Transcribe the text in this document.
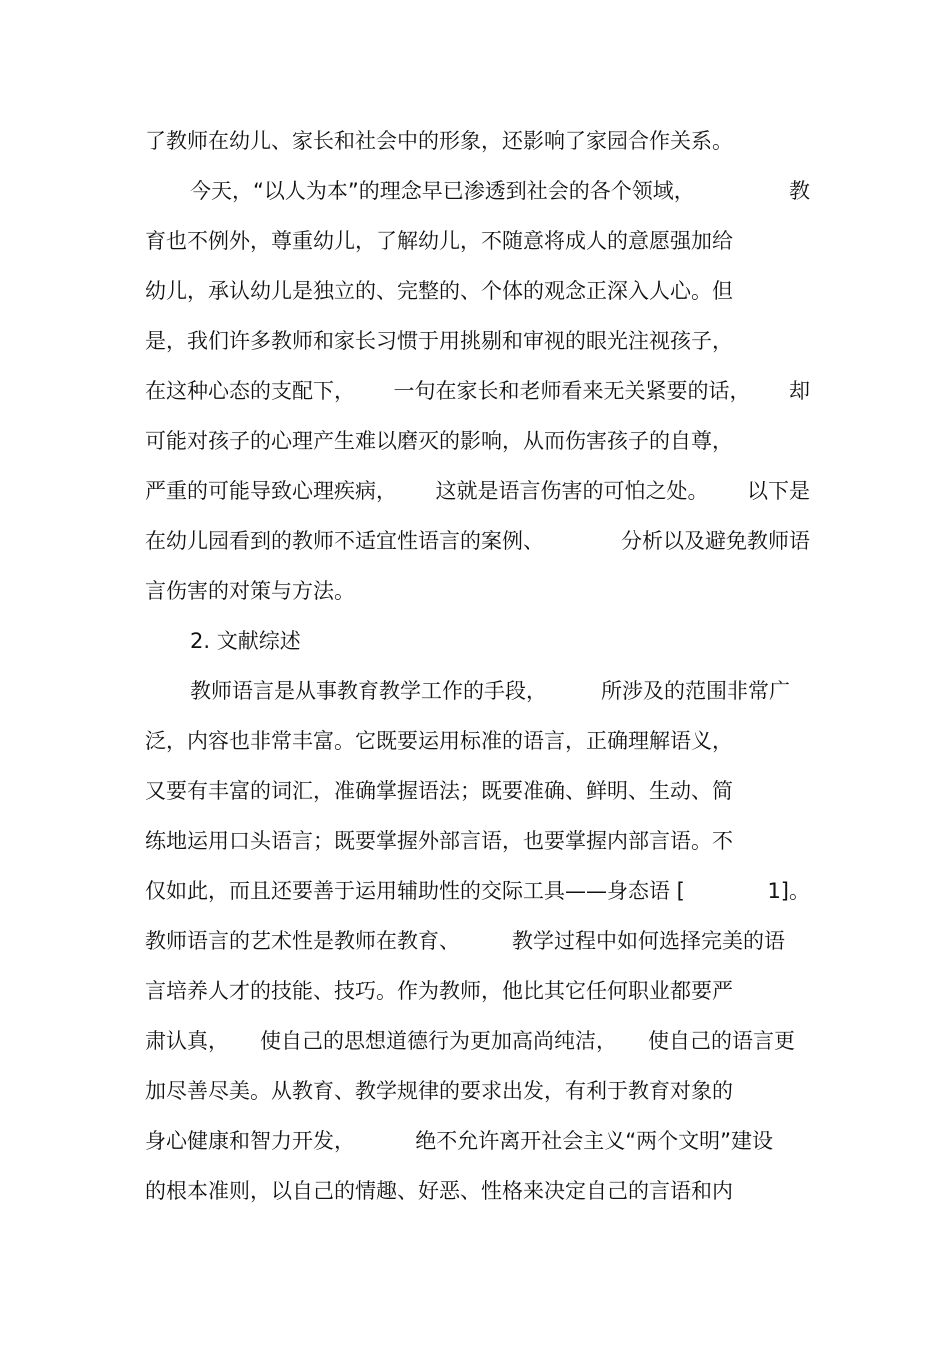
了教师在幼儿、家长和社会中的形象，还影响了家园合作关系。
今天，“以人为本”的理念早已渗透到社会的各个领域，	教
育也不例外，尊重幼儿，了解幼儿，不随意将成人的意愿强加给
幼儿，承认幼儿是独立的、完整的、个体的观念正深入人心。但
是，我们许多教师和家长习惯于用挑剔和审视的眼光注视孩子，
在这种心态的支配下， 一句在家长和老师看来无关紧要的话， 却
可能对孩子的心理产生难以磨灭的影响，从而伤害孩子的自尊，
严重的可能导致心理疾病， 这就是语言伤害的可怕之处。 以下是
在幼儿园看到的教师不适宜性语言的案例、	分析以及避免教师语
言伤害的对策与方法。
2. 文献综述
教师语言是从事教育教学工作的手段，	所涉及的范围非常广
泛，内容也非常丰富。它既要运用标准的语言，正确理解语义，
又要有丰富的词汇，准确掌握语法；既要准确、鲜明、生动、简
练地运用口头语言；既要掌握外部言语，也要掌握内部言语。不
仅如此，而且还要善于运用辅助性的交际工具——身态语 [	1]。
教师语言的艺术性是教师在教育、 教学过程中如何选择完美的语
言培养人才的技能、技巧。作为教师，他比其它任何职业都要严
肃认真， 使自己的思想道德行为更加高尚纯洁， 使自己的语言更
加尽善尽美。从教育、教学规律的要求出发，有利于教育对象的
身心健康和智力开发，	绝不允许离开社会主义“两个文明”建设
的根本准则，以自己的情趣、好恶、性格来决定自己的言语和内
